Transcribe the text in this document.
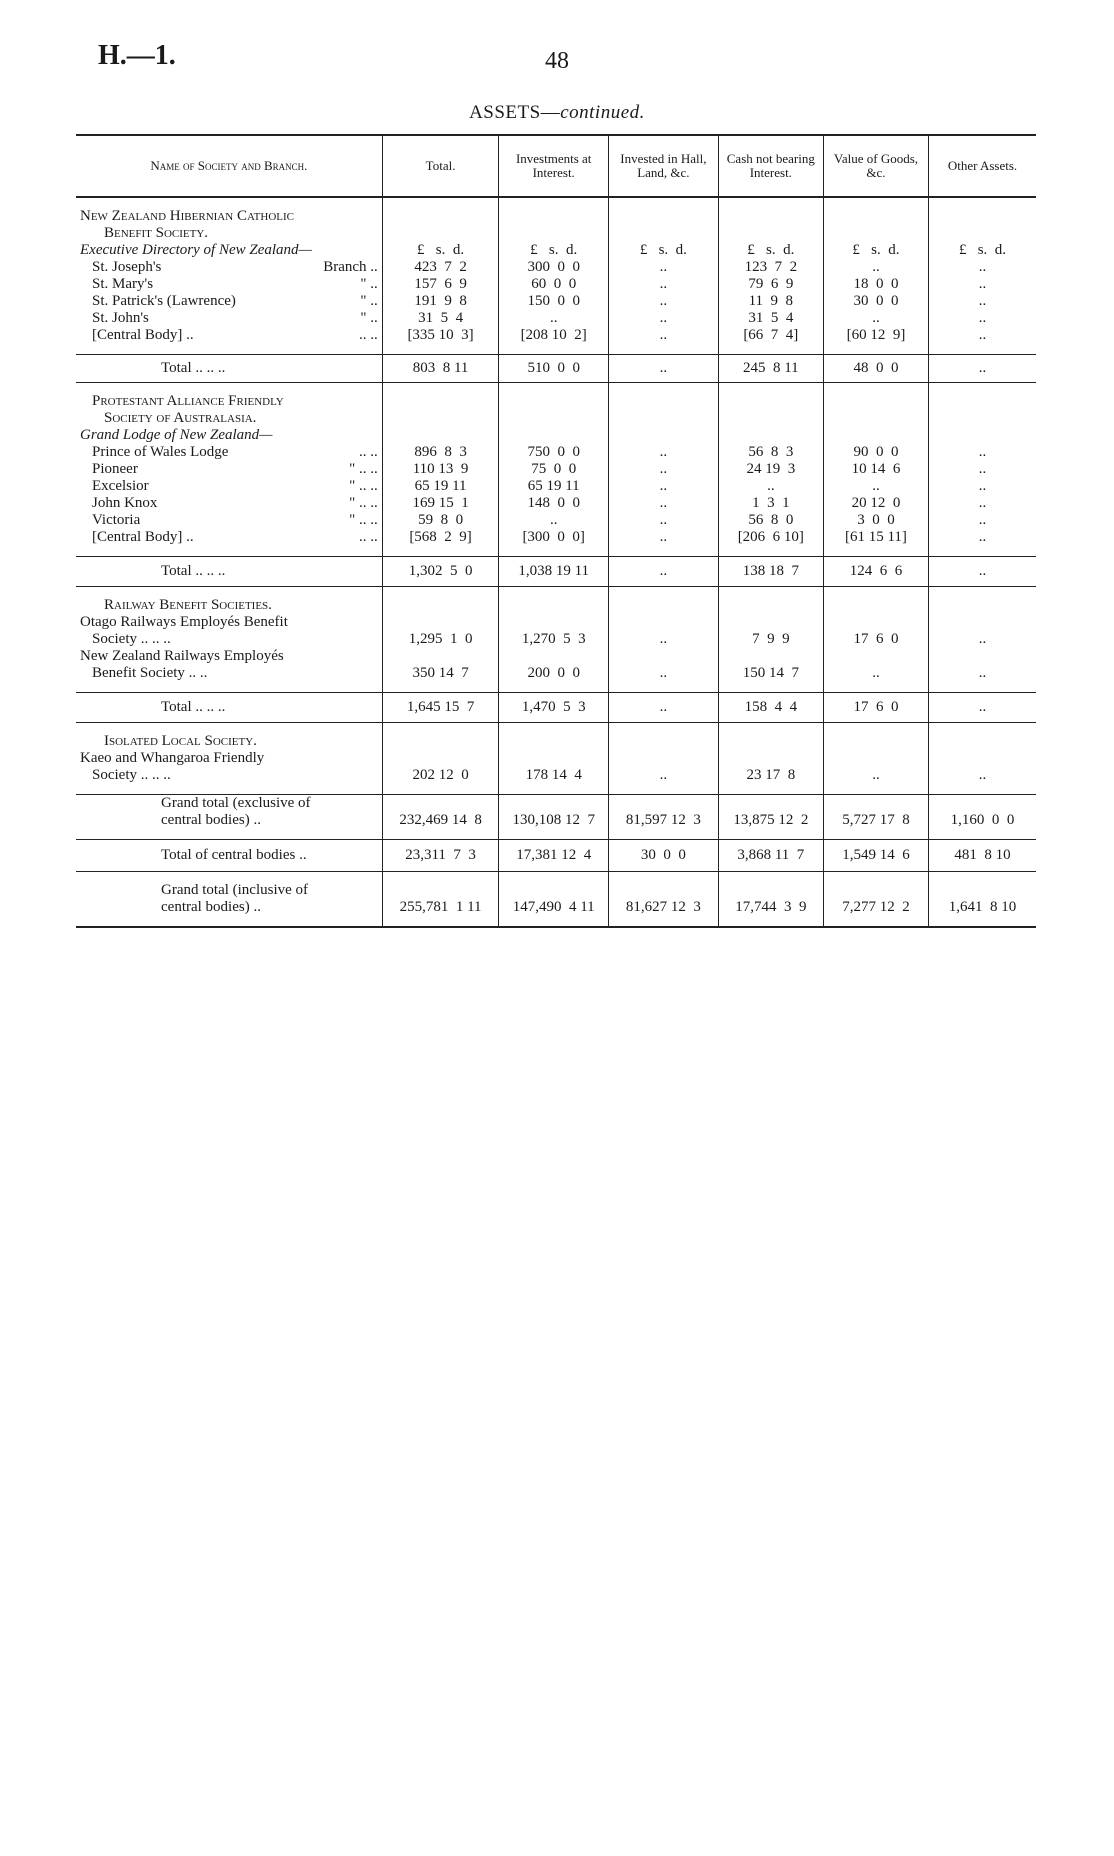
H.—1.	48
ASSETS—continued.
Name of Society and Branch.	Total.	Investments at Interest.	Invested in Hall, Land, &c.	Cash not bearing Interest.	Value of Goods, &c.	Other Assets.

New Zealand Hibernian Catholic						
Benefit Society.						
Executive Directory of New Zealand—	£   s.  d.	£   s.  d.	£   s.  d.	£   s.  d.	£   s.  d.	£   s.  d.

St. Joseph's Branch ..	423  7  2	300  0  0	..	123  7  2	..	..

St. Mary's " ..	157  6  9	60  0  0	..	79  6  9	18  0  0	..

St. Patrick's (Lawrence) " ..	191  9  8	150  0  0	..	11  9  8	30  0  0	..

St. John's " ..	31  5  4	..	..	31  5  4	..	..

[Central Body] .. .. ..	[335 10  3]	[208 10  2]	..	[66  7  4]	[60 12  9]	..

Total .. .. ..	803  8 11	510  0  0	..	245  8 11	48  0  0	..

Protestant Alliance Friendly						
Society of Australasia.						
Grand Lodge of New Zealand—						

Prince of Wales Lodge .. ..	896  8  3	750  0  0	..	56  8  3	90  0  0	..

Pioneer " .. ..	110 13  9	75  0  0	..	24 19  3	10 14  6	..

Excelsior " .. ..	65 19 11	65 19 11	..	..	..	..

John Knox " .. ..	169 15  1	148  0  0	..	1  3  1	20 12  0	..

Victoria " .. ..	59  8  0	..	..	56  8  0	3  0  0	..

[Central Body] .. .. ..	[568  2  9]	[300  0  0]	..	[206  6 10]	[61 15 11]	..

Total .. .. ..	1,302  5  0	1,038 19 11	..	138 18  7	124  6  6	..

Railway Benefit Societies.						
Otago Railways Employés Benefit						
Society .. .. ..	1,295  1  0	1,270  5  3	..	7  9  9	17  6  0	..
New Zealand Railways Employés						
Benefit Society .. ..	350 14  7	200  0  0	..	150 14  7	..	..

Total .. .. ..	1,645 15  7	1,470  5  3	..	158  4  4	17  6  0	..

Isolated Local Society.						
Kaeo and Whangaroa Friendly						
Society .. .. ..	202 12  0	178 14  4	..	23 17  8	..	..

Grand total (exclusive of						
central bodies) ..	232,469 14  8	130,108 12  7	81,597 12  3	13,875 12  2	5,727 17  8	1,160  0  0

Total of central bodies ..	23,311  7  3	17,381 12  4	30  0  0	3,868 11  7	1,549 14  6	481  8 10

Grand total (inclusive of						
central bodies) ..	255,781  1 11	147,490  4 11	81,627 12  3	17,744  3  9	7,277 12  2	1,641  8 10
